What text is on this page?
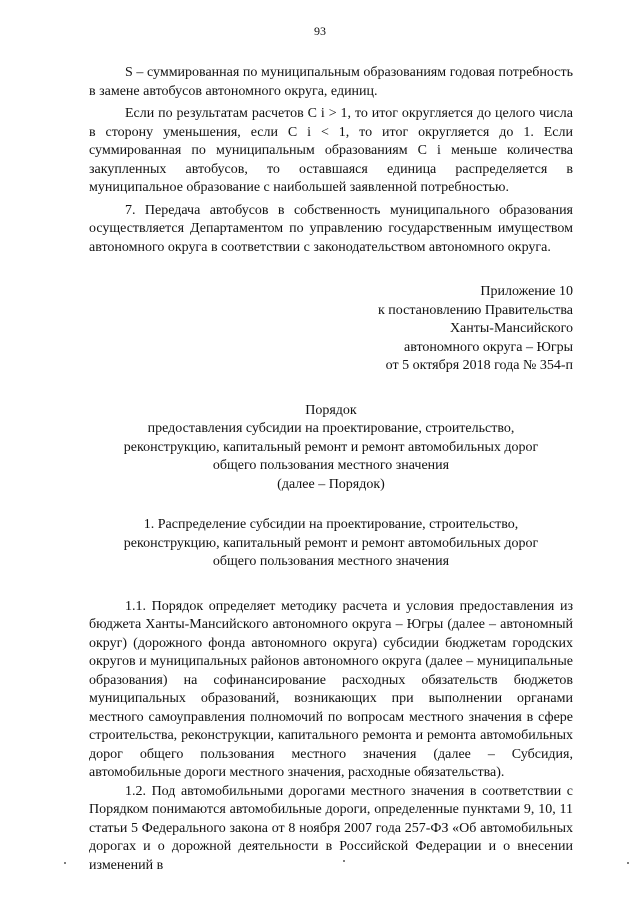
93

S – суммированная по муниципальным образованиям годовая потребность в замене автобусов автономного округа, единиц.

Если по результатам расчетов С i > 1, то итог округляется до целого числа в сторону уменьшения, если С i < 1, то итог округляется до 1. Если суммированная по муниципальным образованиям С i меньше количества закупленных автобусов, то оставшаяся единица распределяется в муниципальное образование с наибольшей заявленной потребностью.

7. Передача автобусов в собственность муниципального образования осуществляется Департаментом по управлению государственным имуществом автономного округа в соответствии с законодательством автономного округа.

Приложение 10
к постановлению Правительства
Ханты-Мансийского
автономного округа – Югры
от 5 октября 2018 года № 354-п
Порядок
предоставления субсидии на проектирование, строительство,
реконструкцию, капитальный ремонт и ремонт автомобильных дорог
общего пользования местного значения
(далее – Порядок)
1. Распределение субсидии на проектирование, строительство,
реконструкцию, капитальный ремонт и ремонт автомобильных дорог
общего пользования местного значения

1.1. Порядок определяет методику расчета и условия предоставления из бюджета Ханты-Мансийского автономного округа – Югры (далее – автономный округ) (дорожного фонда автономного округа) субсидии бюджетам городских округов и муниципальных районов автономного округа (далее – муниципальные образования) на софинансирование расходных обязательств бюджетов муниципальных образований, возникающих при выполнении органами местного самоуправления полномочий по вопросам местного значения в сфере строительства, реконструкции, капитального ремонта и ремонта автомобильных дорог общего пользования местного значения (далее – Субсидия, автомобильные дороги местного значения, расходные обязательства).

1.2. Под автомобильными дорогами местного значения в соответствии с Порядком понимаются автомобильные дороги, определенные пунктами 9, 10, 11 статьи 5 Федерального закона от 8 ноября 2007 года 257-ФЗ «Об автомобильных дорогах и о дорожной деятельности в Российской Федерации и о внесении изменений в
